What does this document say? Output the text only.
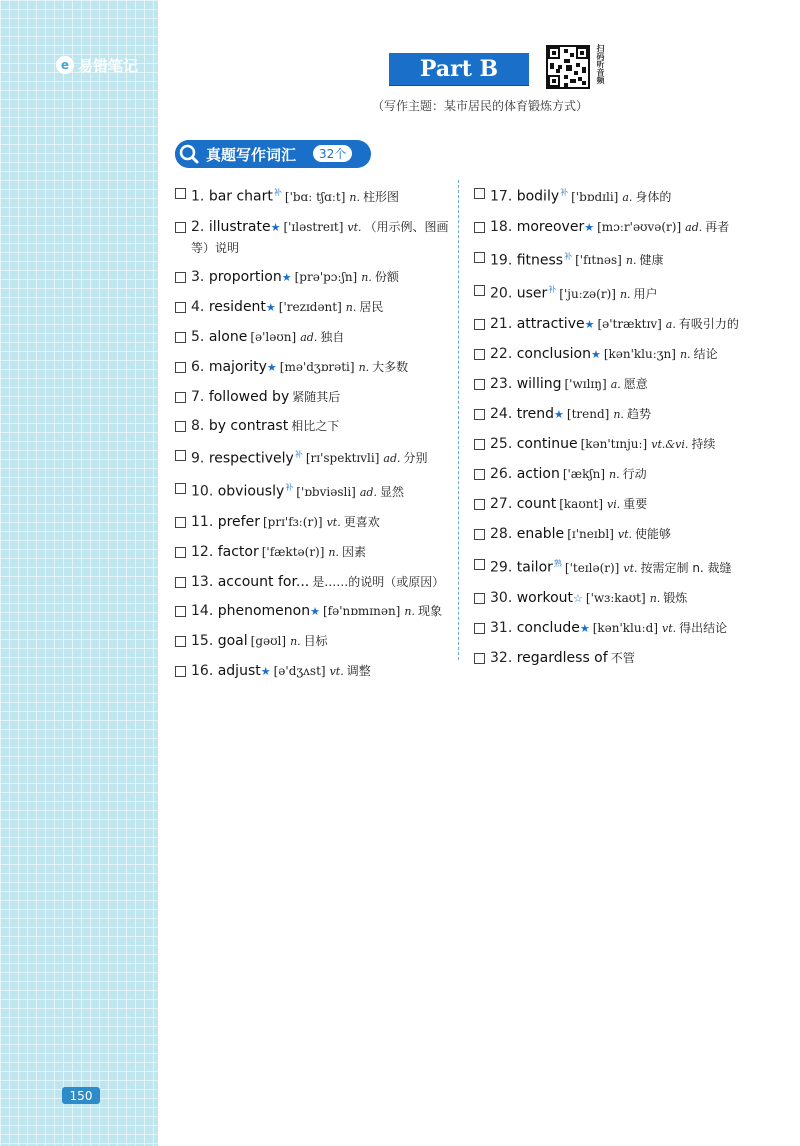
e 易错笔记
150
Part B	扫码听音频
（写作主题：某市居民的体育锻炼方式）
真题写作词汇	32个
1. bar chart$^补$ ['bɑː tʃɑːt] n. 柱形图
2. illustrate★ ['ɪləstreɪt] vt. （用示例、图画等）说明
3. proportion★ [prə'pɔːʃn] n. 份额
4. resident★ ['rezɪdənt] n. 居民
5. alone [ə'ləʊn] ad. 独自
6. majority★ [mə'dʒɒrəti] n. 大多数
7. followed by 紧随其后
8. by contrast 相比之下
9. respectively$^补$ [rɪ'spektɪvli] ad. 分别
10. obviously$^补$ ['ɒbviəsli] ad. 显然
11. prefer [prɪ'fɜː(r)] vt. 更喜欢
12. factor ['fæktə(r)] n. 因素
13. account for... 是……的说明（或原因）
14. phenomenon★ [fə'nɒmɪnən] n. 现象
15. goal [gəʊl] n. 目标
16. adjust★ [ə'dʒʌst] vt. 调整
17. bodily$^补$ ['bɒdɪli] a. 身体的
18. moreover★ [mɔːr'əʊvə(r)] ad. 再者
19. fitness$^补$ ['fɪtnəs] n. 健康
20. user$^补$ ['juːzə(r)] n. 用户
21. attractive★ [ə'træktɪv] a. 有吸引力的
22. conclusion★ [kən'kluːʒn] n. 结论
23. willing ['wɪlɪŋ] a. 愿意
24. trend★ [trend] n. 趋势
25. continue [kən'tɪnjuː] vt.&vi. 持续
26. action ['ækʃn] n. 行动
27. count [kaʊnt] vi. 重要
28. enable [ɪ'neɪbl] vt. 使能够
29. tailor$^熟$ ['teɪlə(r)] vt. 按需定制 n. 裁缝
30. workout☆ ['wɜːkaʊt] n. 锻炼
31. conclude★ [kən'kluːd] vt. 得出结论
32. regardless of 不管
